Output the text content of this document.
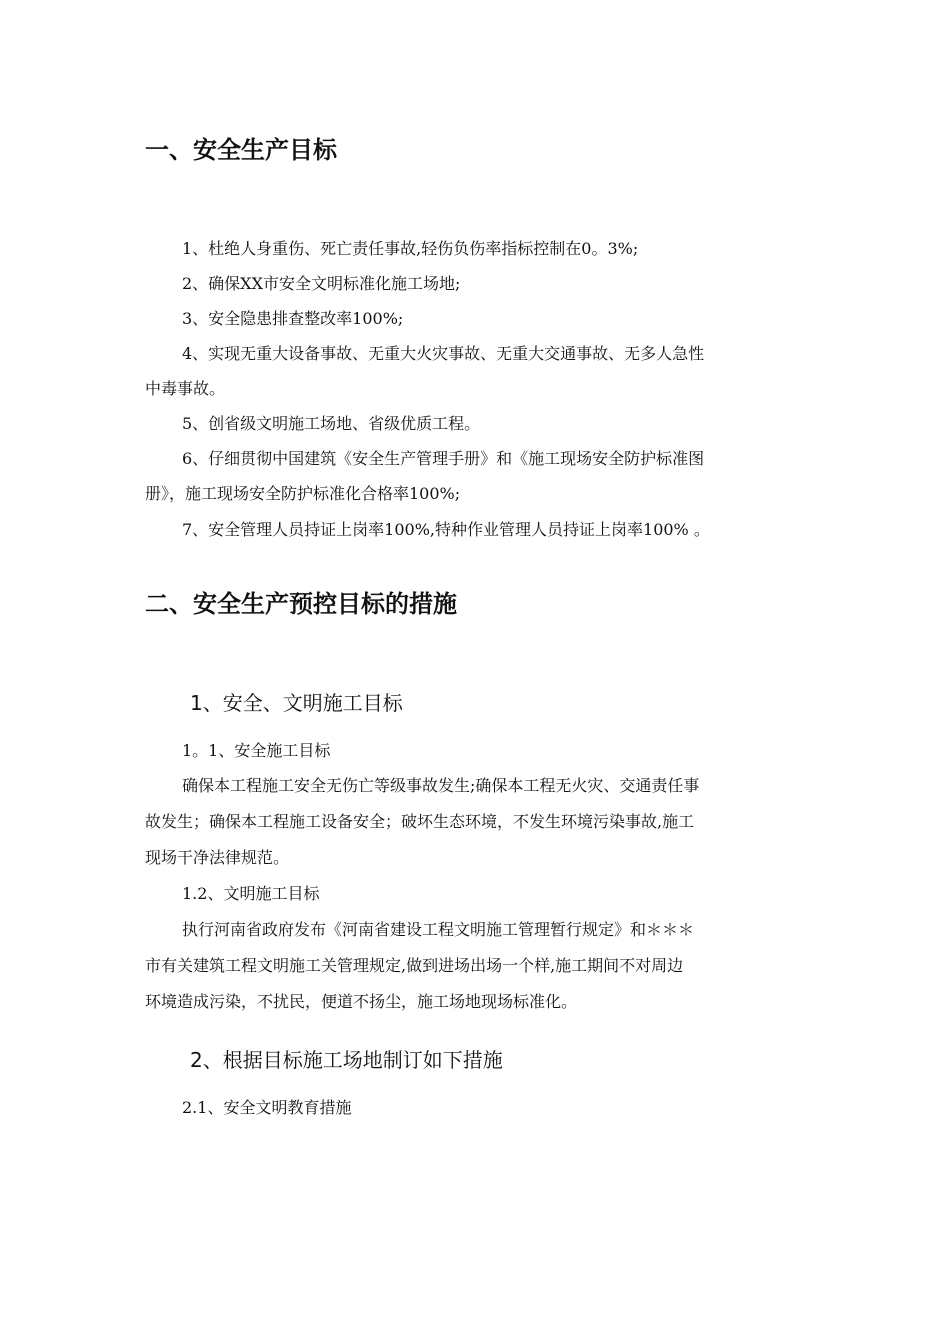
一、安全生产目标
1、杜绝人身重伤、死亡责任事故,轻伤负伤率指标控制在0。3%;
2、确保XX市安全文明标准化施工场地;
3、安全隐患排查整改率100%;
4、实现无重大设备事故、无重大火灾事故、无重大交通事故、无多人急性
中毒事故。
5、创省级文明施工场地、省级优质工程。
6、仔细贯彻中国建筑《安全生产管理手册》和《施工现场安全防护标准图
册》，施工现场安全防护标准化合格率100%;
7、安全管理人员持证上岗率100%,特种作业管理人员持证上岗率100% 。
二、安全生产预控目标的措施
1、安全、文明施工目标
1。1、安全施工目标
确保本工程施工安全无伤亡等级事故发生;确保本工程无火灾、交通责任事
故发生；确保本工程施工设备安全；破坏生态环境，不发生环境污染事故,施工
现场干净法律规范。
1.2、文明施工目标
执行河南省政府发布《河南省建设工程文明施工管理暂行规定》和＊＊＊
市有关建筑工程文明施工关管理规定,做到进场出场一个样,施工期间不对周边
环境造成污染，不扰民，便道不扬尘，施工场地现场标准化。
2、根据目标施工场地制订如下措施
2.1、安全文明教育措施
